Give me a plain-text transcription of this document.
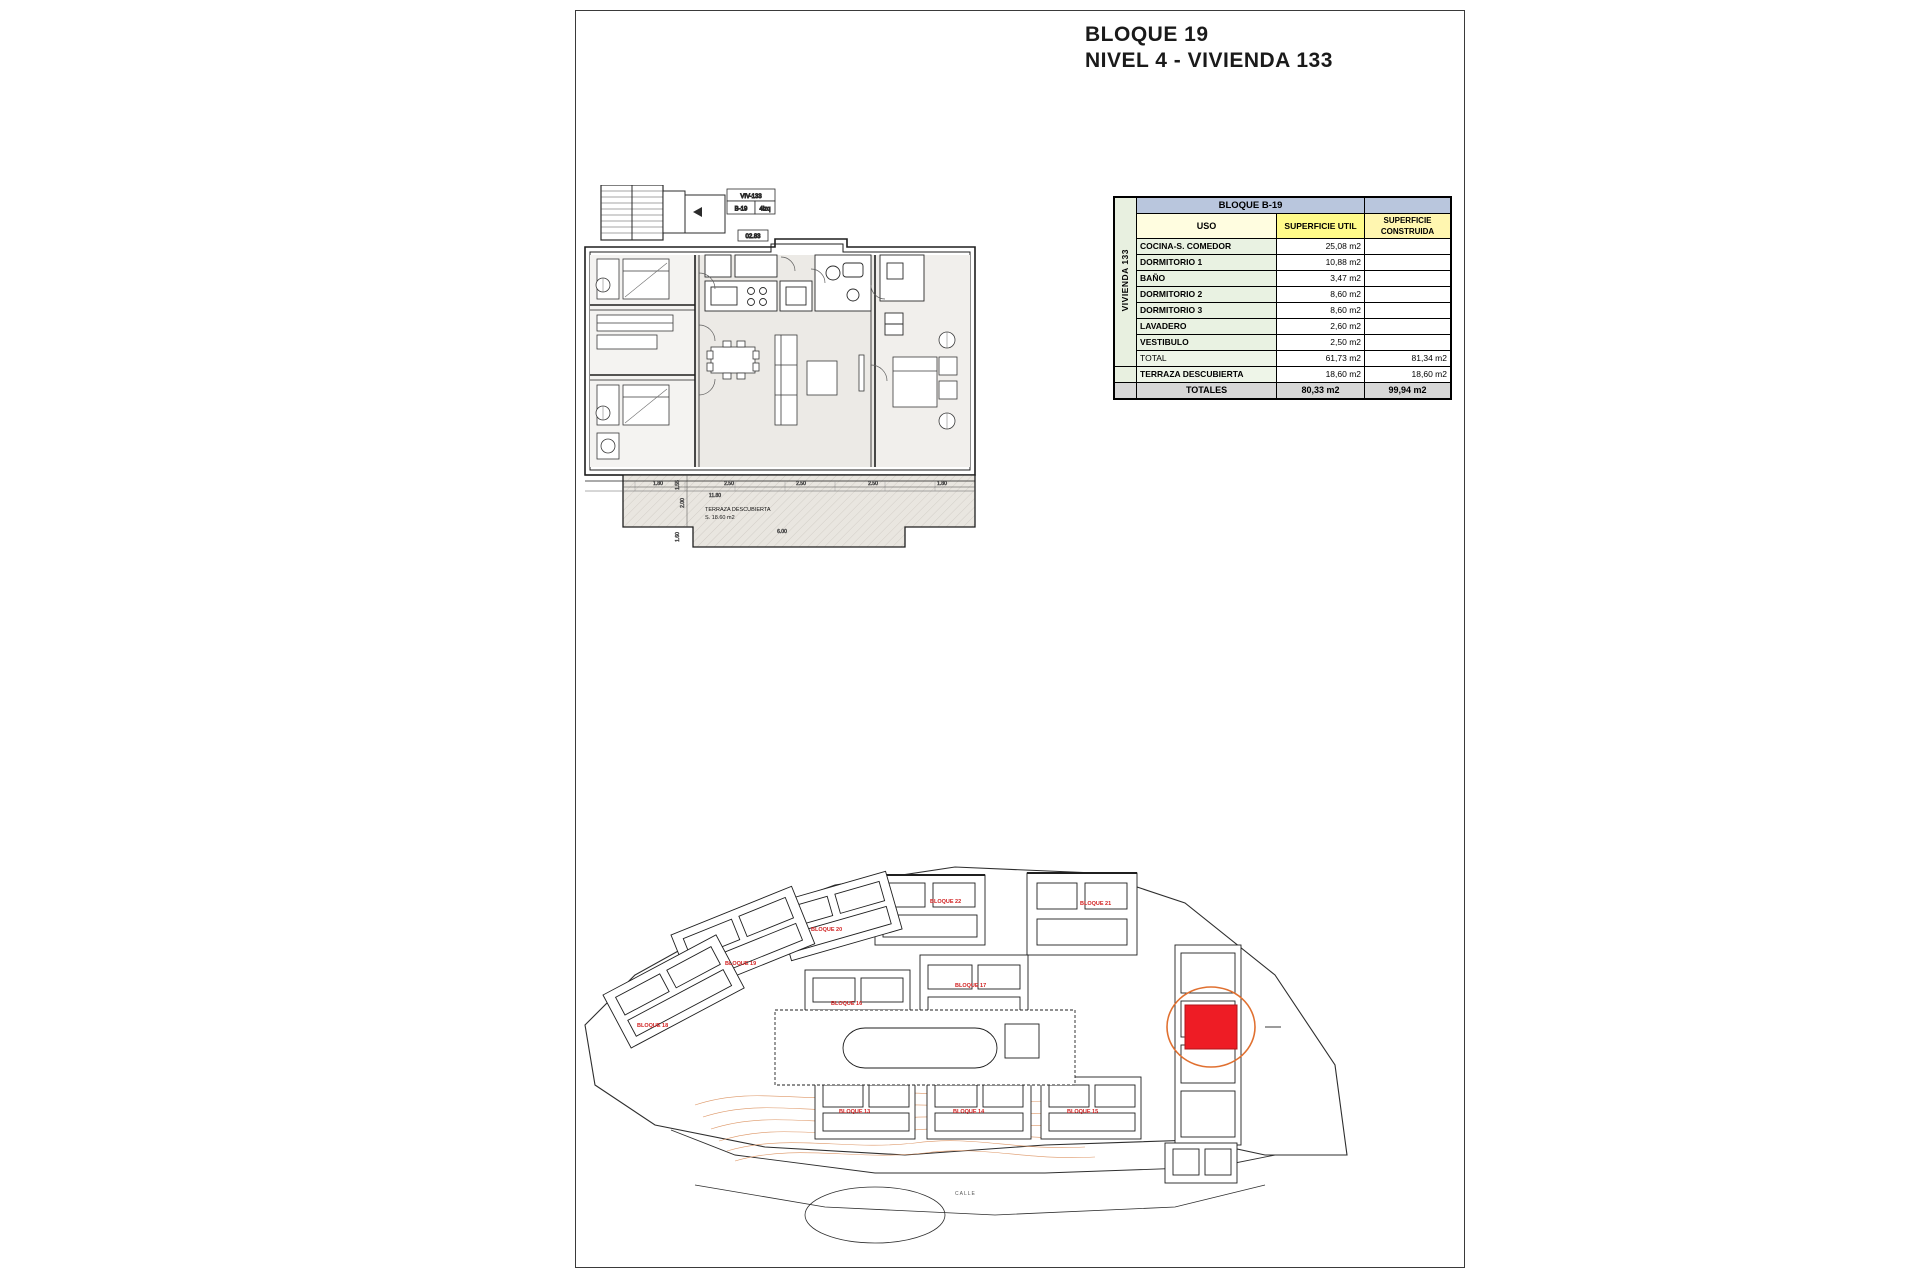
BLOQUE 19
NIVEL 4 - VIVIENDA 133
VIV-133
B-19 4izq
02.83
1.80	2.50	2.50	2.50	1.80
11.80
2.00
1.55
1.60
6.00
TERRAZA DESCUBIERTA
S. 18.60 m2
VIVIENDA 133	BLOQUE B-19		
	USO	SUPERFICIE UTIL	SUPERFICIE CONSTRUIDA
	COCINA-S. COMEDOR	25,08 m2	
	DORMITORIO 1	10,88 m2	
	BAÑO	3,47 m2	
	DORMITORIO 2	8,60 m2	
	DORMITORIO 3	8,60 m2	
	LAVADERO	2,60 m2	
	VESTIBULO	2,50 m2	
	TOTAL	61,73 m2	81,34 m2
	TERRAZA DESCUBIERTA	18,60 m2	18,60 m2
	TOTALES	80,33 m2	99,94 m2
BLOQUE 22	BLOQUE 21
BLOQUE 20
BLOQUE 19
BLOQUE 18
BLOQUE 17
BLOQUE 16
BLOQUE 15
BLOQUE 14
BLOQUE 13
CALLE
